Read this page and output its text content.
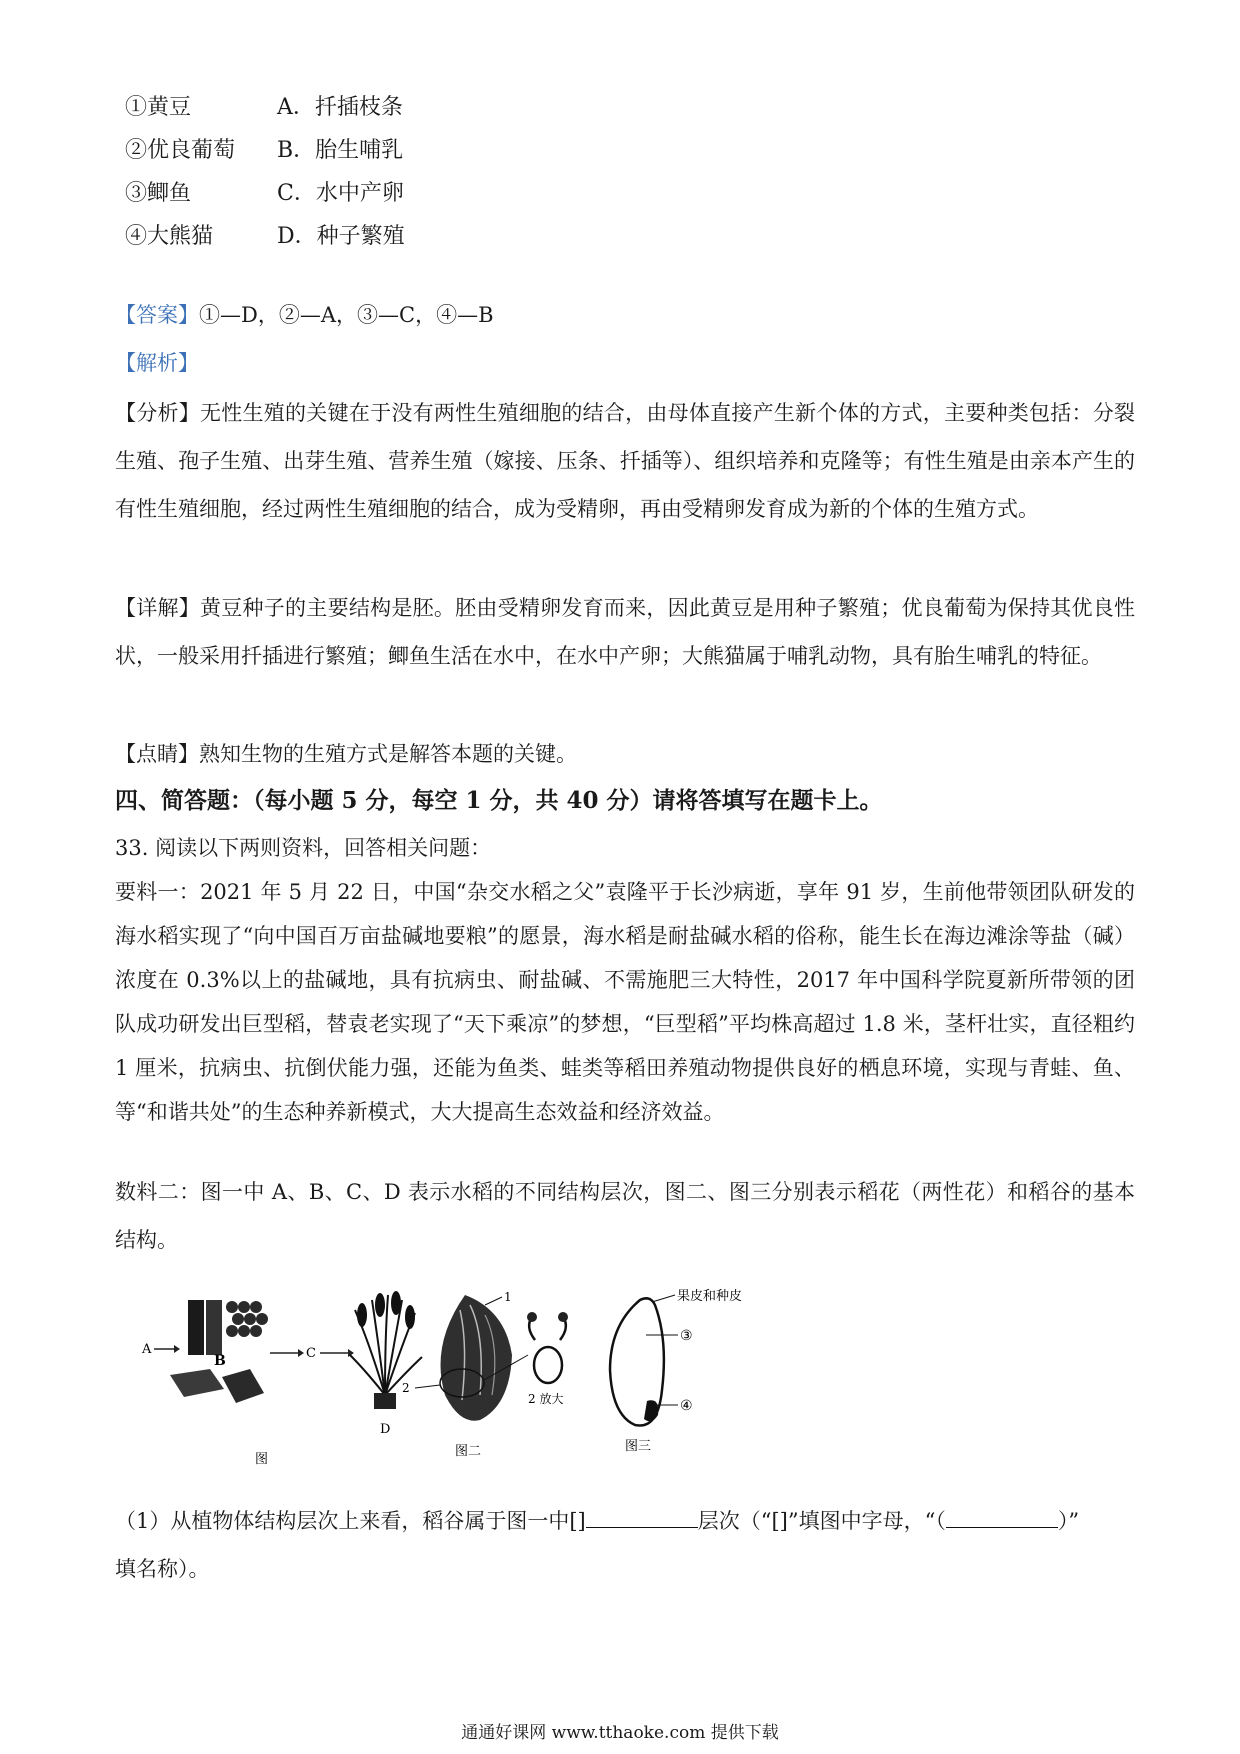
①黄豆	A．扦插枝条
②优良葡萄 B．胎生哺乳
③鲫鱼	C．水中产卵
④大熊猫	D．种子繁殖
【答案】①—D，②—A，③—C，④—B
【解析】
【分析】无性生殖的关键在于没有两性生殖细胞的结合，由母体直接产生新个体的方式，主要种类包括：分裂生殖、孢子生殖、出芽生殖、营养生殖（嫁接、压条、扦插等）、组织培养和克隆等；有性生殖是由亲本产生的有性生殖细胞，经过两性生殖细胞的结合，成为受精卵，再由受精卵发育成为新的个体的生殖方式。
【详解】黄豆种子的主要结构是胚。胚由受精卵发育而来，因此黄豆是用种子繁殖；优良葡萄为保持其优良性状，一般采用扦插进行繁殖；鲫鱼生活在水中，在水中产卵；大熊猫属于哺乳动物，具有胎生哺乳的特征。
【点睛】熟知生物的生殖方式是解答本题的关键。
四、简答题：（每小题 5 分，每空 1 分，共 40 分）请将答填写在题卡上。
33. 阅读以下两则资料，回答相关问题：
要料一：2021 年 5 月 22 日，中国“杂交水稻之父”袁隆平于长沙病逝，享年 91 岁，生前他带领团队研发的海水稻实现了“向中国百万亩盐碱地要粮”的愿景，海水稻是耐盐碱水稻的俗称，能生长在海边滩涂等盐（碱）浓度在 0.3%以上的盐碱地，具有抗病虫、耐盐碱、不需施肥三大特性，2017 年中国科学院夏新所带领的团队成功研发出巨型稻，替袁老实现了“天下乘凉”的梦想，“巨型稻”平均株高超过 1.8 米，茎杆壮实，直径粗约 1 厘米，抗病虫、抗倒伏能力强，还能为鱼类、蛙类等稻田养殖动物提供良好的栖息环境，实现与青蛙、鱼、等“和谐共处”的生态种养新模式，大大提高生态效益和经济效益。
数料二：图一中 A、B、C、D 表示水稻的不同结构层次，图二、图三分别表示稻花（两性花）和稻谷的基本结构。
A
B	C
D
图
1
2
2 放大
图二
果皮和种皮
③
④
图三
（1）从植物体结构层次上来看，稻谷属于图一中[]	层次（“[]”填图中字母，“（	）”
填名称）。
通通好课网 www.tthaoke.com 提供下载
